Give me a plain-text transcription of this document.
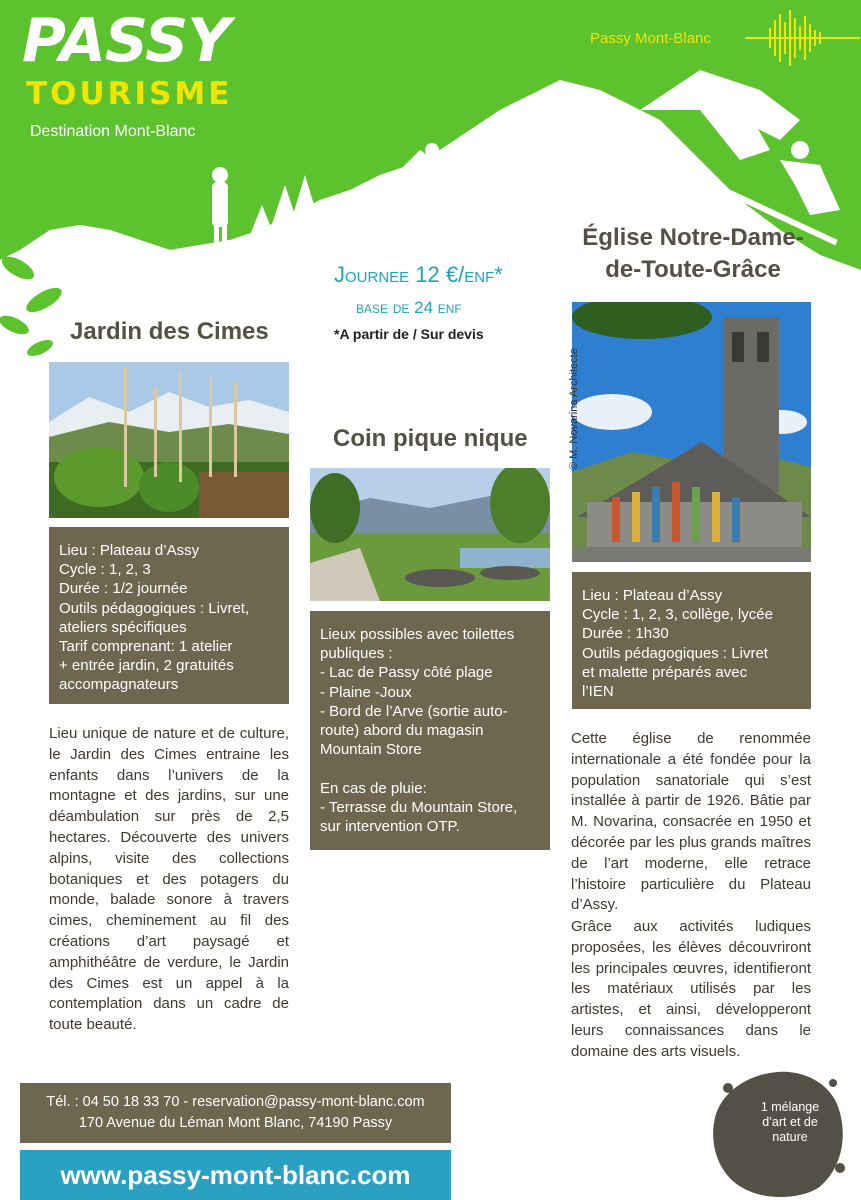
PASSY
TOURISME
Destination Mont-Blanc
Passy Mont-Blanc
Journee 12 €/enf*
base de 24 enf
*A partir de / Sur devis
Jardin des Cimes
Lieu : Plateau d’Assy
Cycle : 1, 2, 3
Durée : 1/2 journée
Outils pédagogiques : Livret,
ateliers spécifiques
Tarif comprenant: 1 atelier
+ entrée jardin, 2 gratuités
accompagnateurs
Lieu unique de nature et de culture, le Jardin des Cimes entraine les enfants dans l’univers de la montagne et des jardins, sur une déambulation sur près de 2,5 hectares. Découverte des univers alpins, visite des collections botaniques et des potagers du monde, balade sonore à travers cimes, cheminement au fil des créations d’art paysagé et amphithéâtre de verdure, le Jardin des Cimes est un appel à la contemplation dans un cadre de toute beauté.
Coin pique nique
Lieux possibles avec toilettes
publiques :
- Lac de Passy côté plage
- Plaine -Joux
- Bord de l’Arve (sortie auto-
route) abord du magasin
Mountain Store
En cas de pluie:
- Terrasse du Mountain Store,
sur intervention OTP.
Église Notre-Dame-
de-Toute-Grâce
© M. Novarina Architecte
Lieu : Plateau d’Assy
Cycle : 1, 2, 3, collège, lycée
Durée : 1h30
Outils pédagogiques : Livret
et malette préparés avec
l’IEN
Cette église de renommée internationale a été fondée pour la population sanatoriale qui s’est installée à partir de 1926. Bâtie par M. Novarina, consacrée en 1950 et décorée par les plus grands maîtres de l’art moderne, elle retrace l’histoire particulière du Plateau d’Assy.
Grâce aux activités ludiques proposées, les élèves découvriront les principales œuvres, identifieront les matériaux utilisés par les artistes, et ainsi, développeront leurs connaissances dans le domaine des arts visuels.
Tél. : 04 50 18 33 70 - reservation@passy-mont-blanc.com
170 Avenue du Léman Mont Blanc, 74190 Passy
www.passy-mont-blanc.com
1 mélange
d’art et de
nature
